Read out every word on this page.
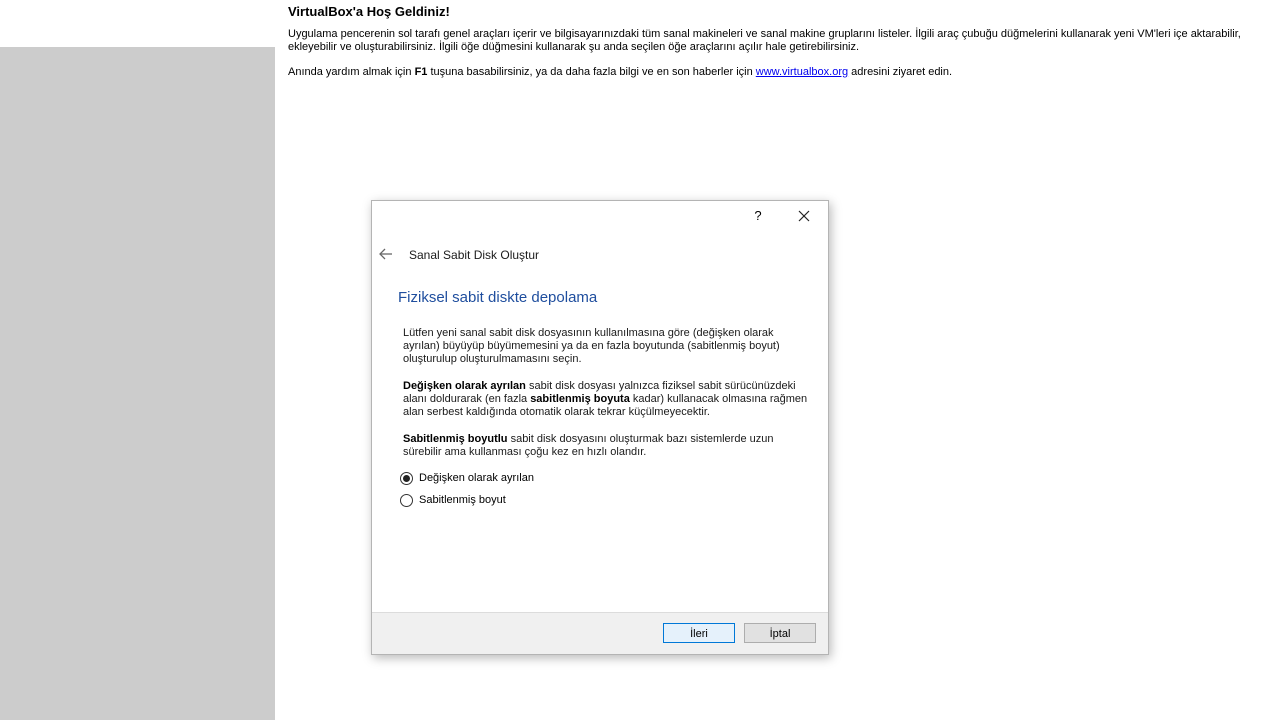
VirtualBox'a Hoş Geldiniz!

Uygulama pencerenin sol tarafı genel araçları içerir ve bilgisayarınızdaki tüm sanal makineleri ve sanal makine gruplarını listeler. İlgili araç çubuğu düğmelerini kullanarak yeni VM'leri içe aktarabilir, ekleyebilir ve oluşturabilirsiniz. İlgili öğe düğmesini kullanarak şu anda seçilen öğe araçlarını açılır hale getirebilirsiniz.

Anında yardım almak için F1 tuşuna basabilirsiniz, ya da daha fazla bilgi ve en son haberler için www.virtualbox.org adresini ziyaret edin.

?
Sanal Sabit Disk Oluştur
Fiziksel sabit diskte depolama

Lütfen yeni sanal sabit disk dosyasının kullanılmasına göre (değişken olarak ayrılan) büyüyüp büyümemesini ya da en fazla boyutunda (sabitlenmiş boyut) oluşturulup oluşturulmamasını seçin.

Değişken olarak ayrılan sabit disk dosyası yalnızca fiziksel sabit sürücünüzdeki alanı doldurarak (en fazla sabitlenmiş boyuta kadar) kullanacak olmasına rağmen alan serbest kaldığında otomatik olarak tekrar küçülmeyecektir.

Sabitlenmiş boyutlu sabit disk dosyasını oluşturmak bazı sistemlerde uzun sürebilir ama kullanması çoğu kez en hızlı olandır.

Değişken olarak ayrılan
Sabitlenmiş boyut
İleri	İptal
